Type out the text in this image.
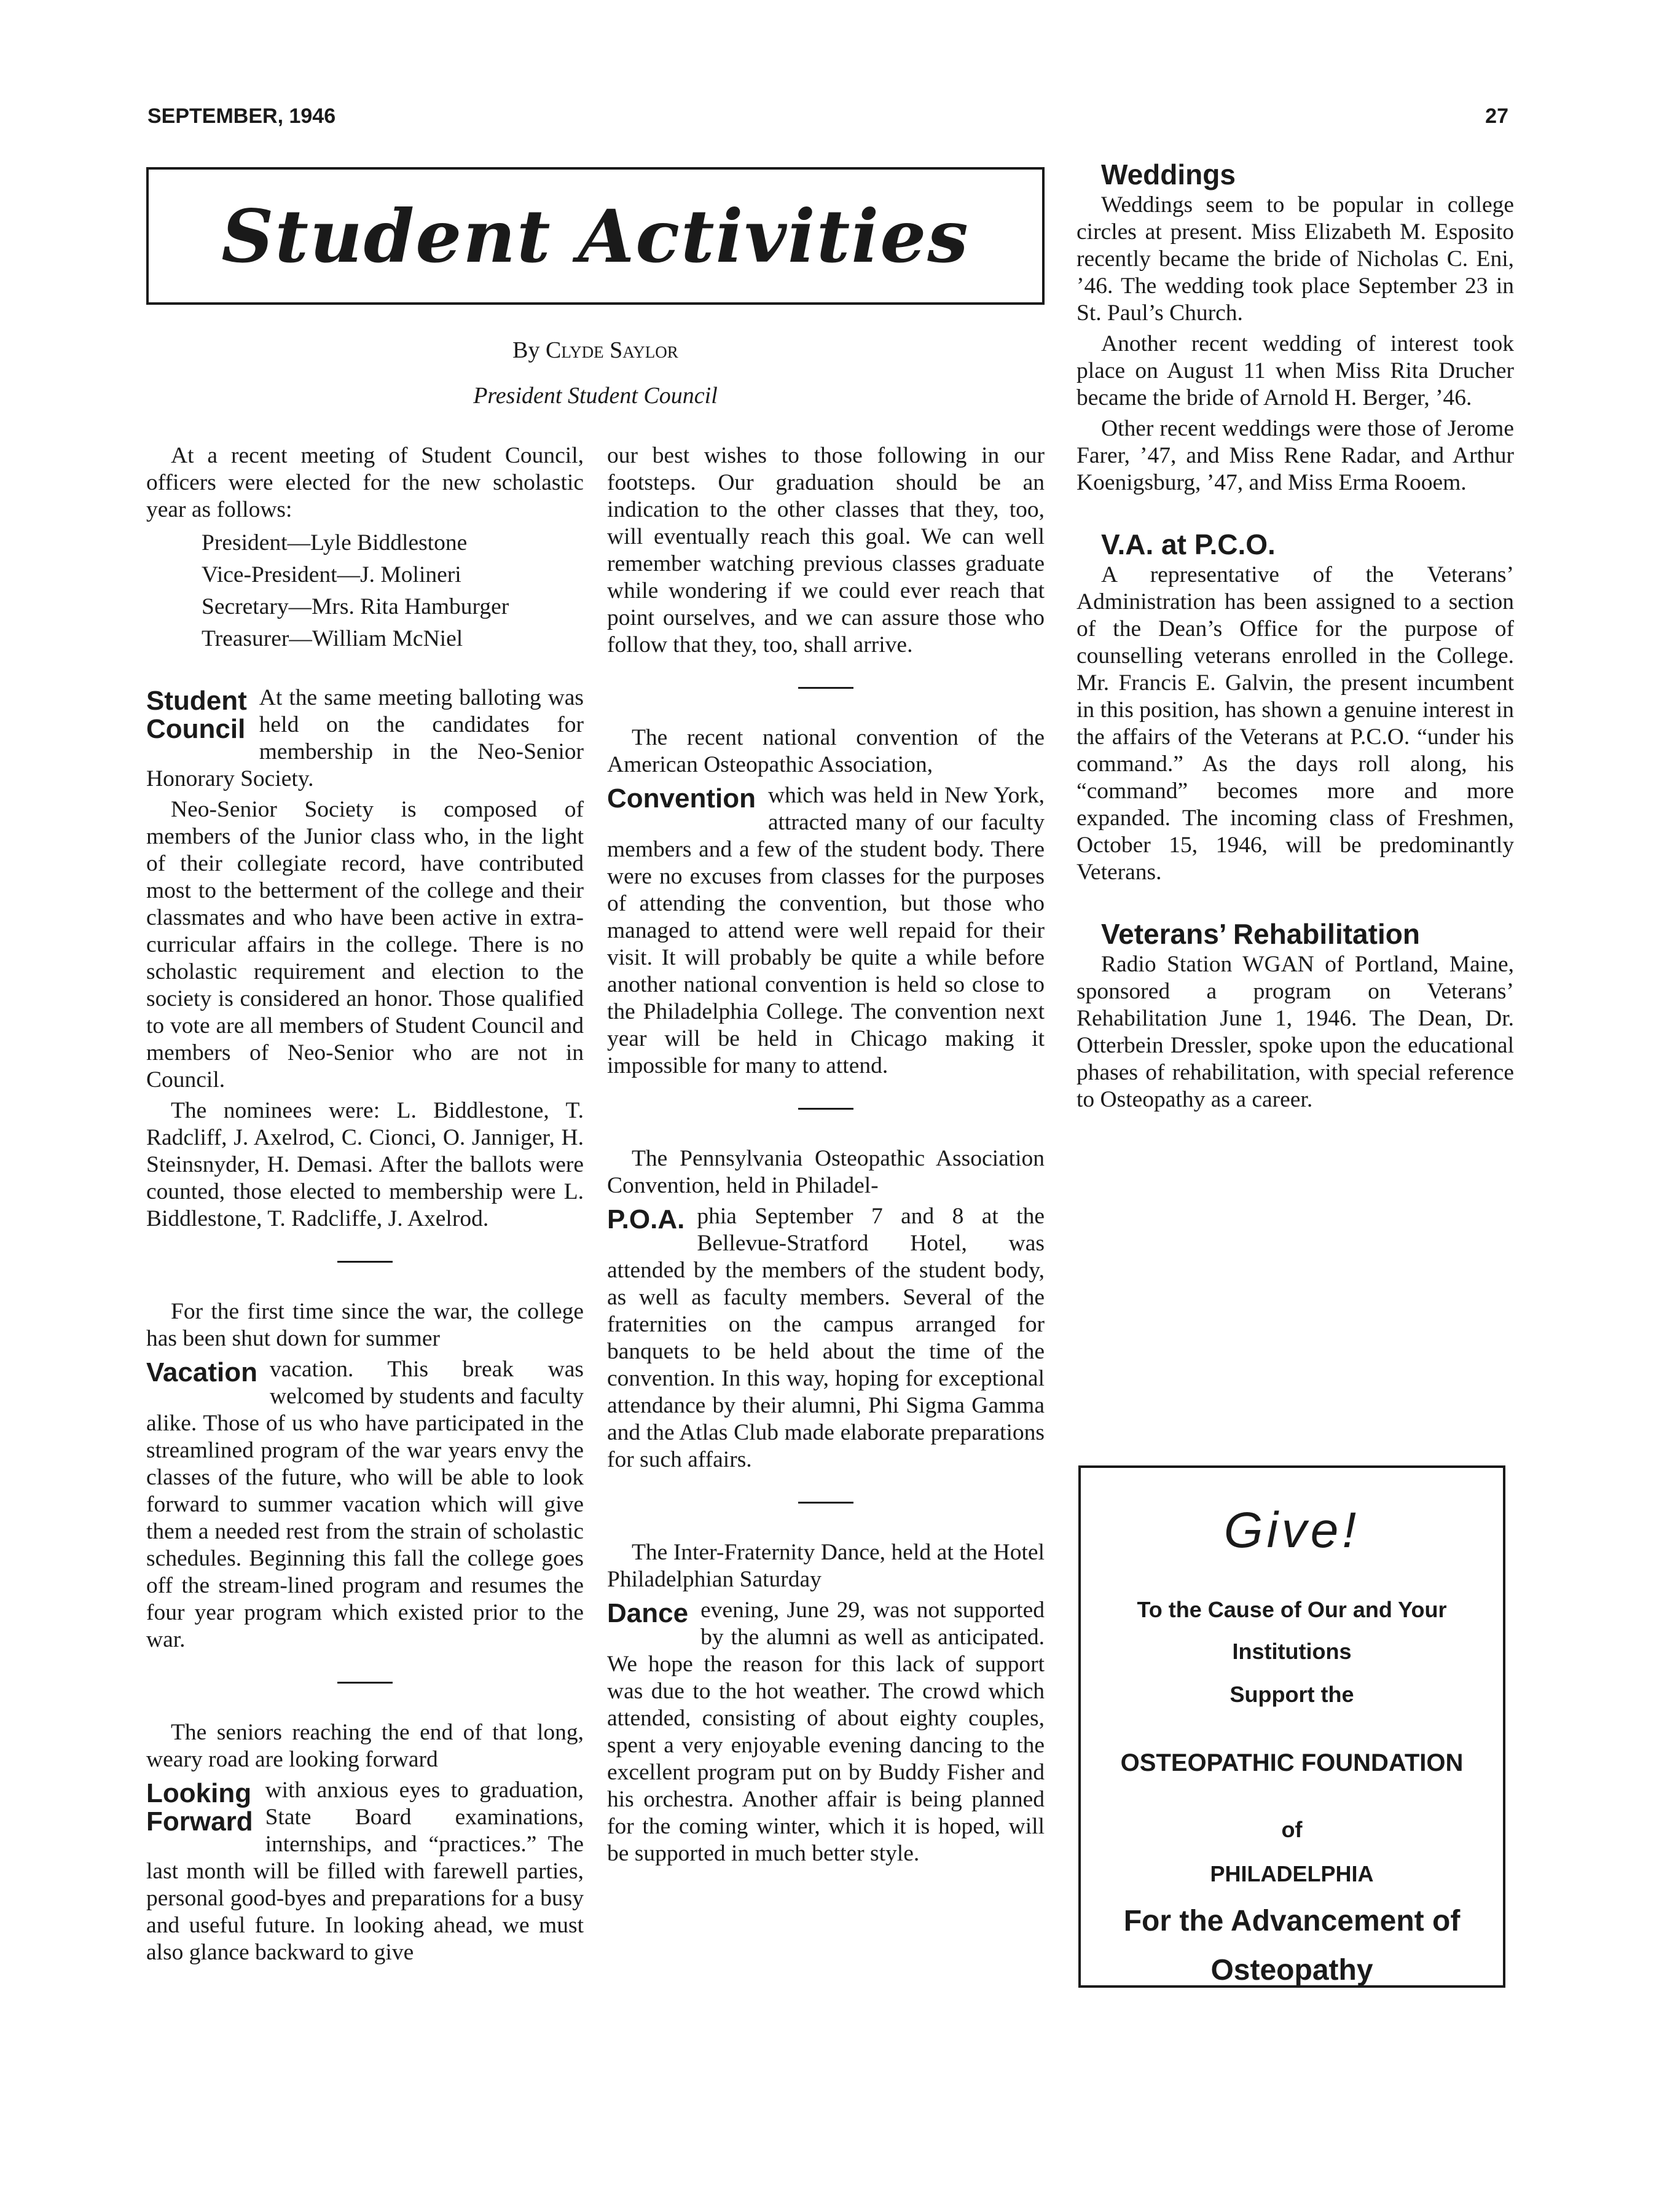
SEPTEMBER, 1946	27
Student Activities
By Clyde Saylor
President Student Council

At a recent meeting of Student Council, officers were elected for the new scholastic year as follows:

President—Lyle Biddlestone
Vice-President—J. Molineri
Secretary—Mrs. Rita Hamburger
Treasurer—William McNiel

Student
Council
At the same meeting balloting was held on the candidates for membership in the Neo-Senior Honorary Society.

Neo-Senior Society is composed of members of the Junior class who, in the light of their collegiate record, have contributed most to the betterment of the college and their classmates and who have been active in extra-curricular affairs in the college. There is no scholastic requirement and election to the society is considered an honor. Those qualified to vote are all members of Student Council and members of Neo-Senior who are not in Council.

The nominees were: L. Biddlestone, T. Radcliff, J. Axelrod, C. Cionci, O. Janniger, H. Steinsnyder, H. Demasi. After the ballots were counted, those elected to membership were L. Biddlestone, T. Radcliffe, J. Axelrod.

For the first time since the war, the college has been shut down for summer

Vacation vacation. This break was welcomed by students and faculty alike. Those of us who have participated in the streamlined program of the war years envy the classes of the future, who will be able to look forward to summer vacation which will give them a needed rest from the strain of scholastic schedules. Beginning this fall the college goes off the stream-lined program and resumes the four year program which existed prior to the war.

The seniors reaching the end of that long, weary road are looking forward

Looking
Forward
with anxious eyes to graduation, State Board examinations, internships, and “practices.” The last month will be filled with farewell parties, personal good-byes and preparations for a busy and useful future. In looking ahead, we must also glance backward to give

our best wishes to those following in our footsteps. Our graduation should be an indication to the other classes that they, too, will eventually reach this goal. We can well remember watching previous classes graduate while wondering if we could ever reach that point ourselves, and we can assure those who follow that they, too, shall arrive.

The recent national convention of the American Osteopathic Association,

Convention which was held in New York, attracted many of our faculty members and a few of the student body. There were no excuses from classes for the purposes of attending the convention, but those who managed to attend were well repaid for their visit. It will probably be quite a while before another national convention is held so close to the Philadelphia College. The convention next year will be held in Chicago making it impossible for many to attend.

The Pennsylvania Osteopathic Association Convention, held in Philadel-

P.O.A. phia September 7 and 8 at the Bellevue-Stratford Hotel, was attended by the members of the student body, as well as faculty members. Several of the fraternities on the campus arranged for banquets to be held about the time of the convention. In this way, hoping for exceptional attendance by their alumni, Phi Sigma Gamma and the Atlas Club made elaborate preparations for such affairs.

The Inter-Fraternity Dance, held at the Hotel Philadelphian Saturday

Dance evening, June 29, was not supported by the alumni as well as anticipated. We hope the reason for this lack of support was due to the hot weather. The crowd which attended, consisting of about eighty couples, spent a very enjoyable evening dancing to the excellent program put on by Buddy Fisher and his orchestra. Another affair is being planned for the coming winter, which it is hoped, will be supported in much better style.

Weddings

Weddings seem to be popular in college circles at present. Miss Elizabeth M. Esposito recently became the bride of Nicholas C. Eni, ’46. The wedding took place September 23 in St. Paul’s Church.

Another recent wedding of interest took place on August 11 when Miss Rita Drucher became the bride of Arnold H. Berger, ’46.

Other recent weddings were those of Jerome Farer, ’47, and Miss Rene Radar, and Arthur Koenigsburg, ’47, and Miss Erma Rooem.

V.A. at P.C.O.

A representative of the Veterans’ Administration has been assigned to a section of the Dean’s Office for the purpose of counselling veterans enrolled in the College. Mr. Francis E. Galvin, the present incumbent in this position, has shown a genuine interest in the affairs of the Veterans at P.C.O. “under his command.” As the days roll along, his “command” becomes more and more expanded. The incoming class of Freshmen, October 15, 1946, will be predominantly Veterans.

Veterans’ Rehabilitation

Radio Station WGAN of Portland, Maine, sponsored a program on Veterans’ Rehabilitation June 1, 1946. The Dean, Dr. Otterbein Dressler, spoke upon the educational phases of rehabilitation, with special reference to Osteopathy as a career.

Give!
To the Cause of Our and Your
Institutions
Support the
OSTEOPATHIC FOUNDATION
of
PHILADELPHIA
For the Advancement of
Osteopathy
